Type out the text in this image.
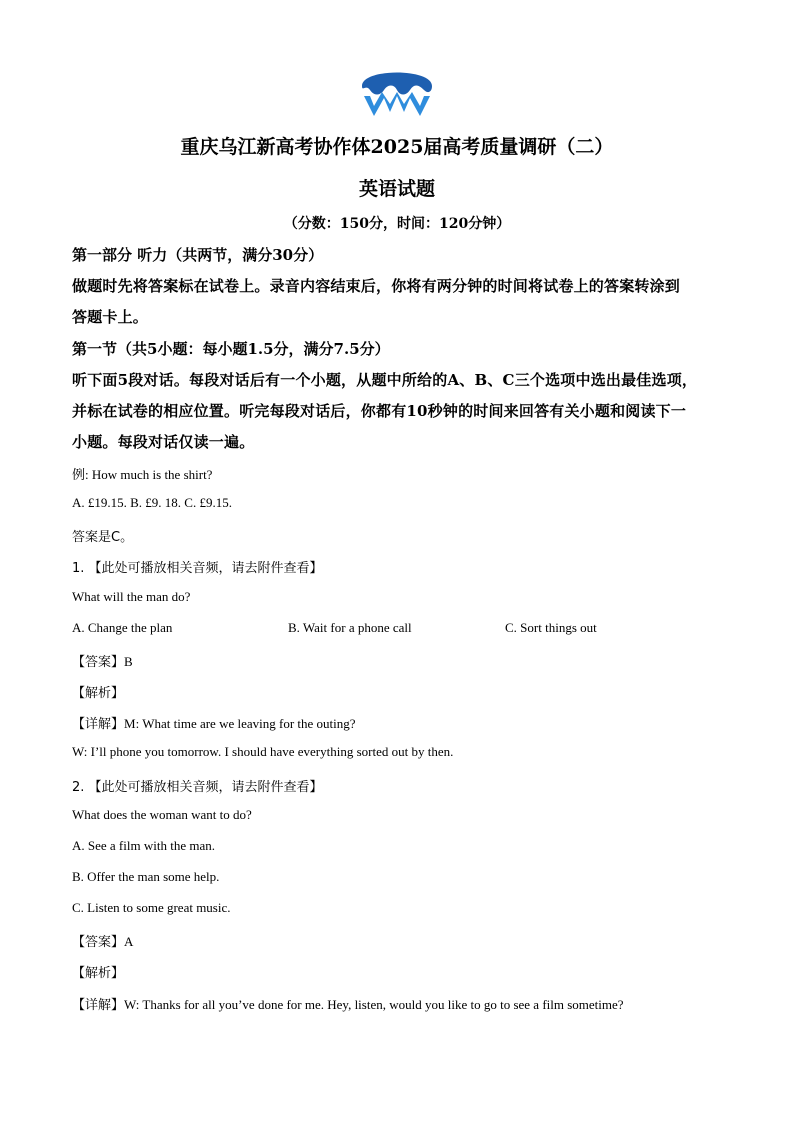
重庆乌江新高考协作体2025届高考质量调研（二）
英语试题
（分数：150分，时间：120分钟）
第一部分 听力（共两节，满分30分）
做题时先将答案标在试卷上。录音内容结束后，你将有两分钟的时间将试卷上的答案转涂到
答题卡上。
第一节（共5小题：每小题1.5分，满分7.5分）
听下面5段对话。每段对话后有一个小题，从题中所给的A、B、C三个选项中选出最佳选项，
并标在试卷的相应位置。听完每段对话后，你都有10秒钟的时间来回答有关小题和阅读下一
小题。每段对话仅读一遍。
例: How much is the shirt?
A. £19.15. B. £9. 18. C. £9.15.
答案是C。
1. 【此处可播放相关音频，请去附件查看】
What will the man do?
A. Change the plan	B. Wait for a phone call	C. Sort things out
【答案】B
【解析】
【详解】M: What time are we leaving for the outing?
W: I’ll phone you tomorrow. I should have everything sorted out by then.
2. 【此处可播放相关音频，请去附件查看】
What does the woman want to do?
A. See a film with the man.
B. Offer the man some help.
C. Listen to some great music.
【答案】A
【解析】
【详解】W: Thanks for all you’ve done for me. Hey, listen, would you like to go to see a film sometime?
